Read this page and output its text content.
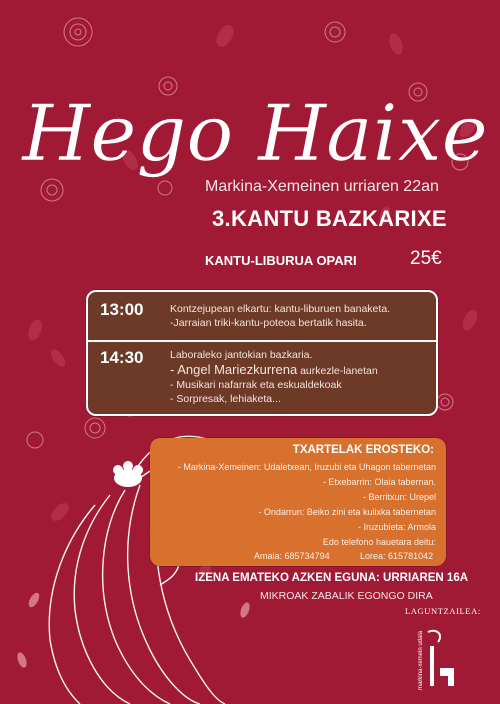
Hego Haixe
Markina-Xemeinen urriaren 22an
3.KANTU BAZKARIXE
KANTU-LIBURUA OPARI	25€
13:00	Kontzejupean elkartu: kantu-liburuen banaketa.
-Jarraian triki-kantu-poteoa bertatik hasita.
14:30	Laboraleko jantokian bazkaria.
- Angel Mariezkurrena aurkezle-lanetan
- Musikari nafarrak eta eskualdekoak
- Sorpresak, lehiaketa...
TXARTELAK EROSTEKO:
- Markina-Xemeinen: Udaletxean, Iruzubi eta Uhagon tabernetan
- Etxebarrin: Olaia tabernan.
- Berritxun: Urepel
- Ondarrun: Beiko zini eta kulixka tabernetan
- Iruzubieta: Armola
Edo telefono hauetara deitu:
Amaia: 685734794	Lorea: 615781042
IZENA EMATEKO AZKEN EGUNA: URRIAREN 16A
MIKROAK ZABALIK EGONGO DIRA
LAGUNTZAILEA:
markina-xemein udala
